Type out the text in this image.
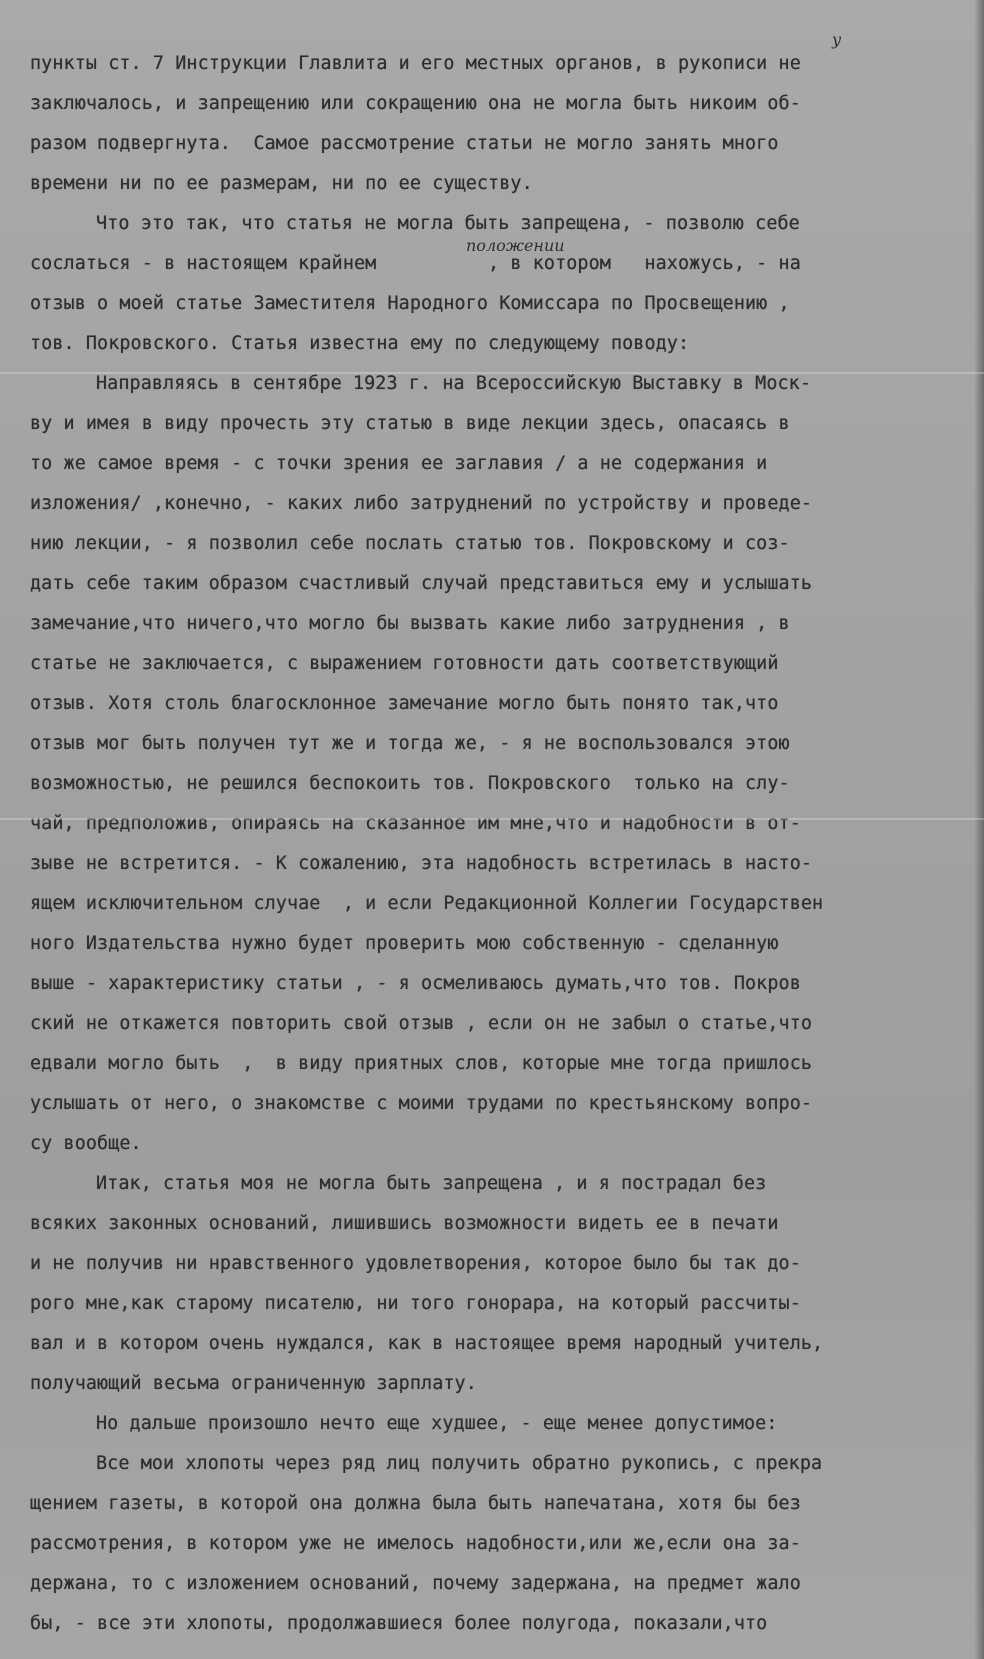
у
положении
пункты ст. 7 Инструкции Главлита и его местных органов, в рукописи не
заключалось, и запрещению или сокращению она не могла быть никоим об-
разом подвергнута.  Самое рассмотрение статьи не могло занять много
времени ни по ее размерам, ни по ее существу.
Что это так, что статья не могла быть запрещена, - позволю себе
сослаться - в настоящем крайнем          , в котором   нахожусь, - на
отзыв о моей статье Заместителя Народного Комиссара по Просвещению ,
тов. Покровского. Статья известна ему по следующему поводу:
Направляясь в сентябре 1923 г. на Всероссийскую Выставку в Моск-
ву и имея в виду прочесть эту статью в виде лекции здесь, опасаясь в
то же самое время - с точки зрения ее заглавия / а не содержания и
изложения/ ,конечно, - каких либо затруднений по устройству и проведе-
нию лекции, - я позволил себе послать статью тов. Покровскому и соз-
дать себе таким образом счастливый случай представиться ему и услышать
замечание,что ничего,что могло бы вызвать какие либо затруднения , в
статье не заключается, с выражением готовности дать соответствующий
отзыв. Хотя столь благосклонное замечание могло быть понято так,что
отзыв мог быть получен тут же и тогда же, - я не воспользовался этою
возможностью, не решился беспокоить тов. Покровского  только на слу-
чай, предположив, опираясь на сказанное им мне,что и надобности в от-
зыве не встретится. - К сожалению, эта надобность встретилась в насто-
ящем исключительном случае  , и если Редакционной Коллегии Государствен
ного Издательства нужно будет проверить мою собственную - сделанную
выше - характеристику статьи , - я осмеливаюсь думать,что тов. Покров
ский не откажется повторить свой отзыв , если он не забыл о статье,что
едвали могло быть  ,  в виду приятных слов, которые мне тогда пришлось
услышать от него, о знакомстве с моими трудами по крестьянскому вопро-
су вообще.
Итак, статья моя не могла быть запрещена , и я пострадал без
всяких законных оснований, лишившись возможности видеть ее в печати
и не получив ни нравственного удовлетворения, которое было бы так до-
рого мне,как старому писателю, ни того гонорара, на который рассчиты-
вал и в котором очень нуждался, как в настоящее время народный учитель,
получающий весьма ограниченную зарплату.
Но дальше произошло нечто еще худшее, - еще менее допустимое:
Все мои хлопоты через ряд лиц получить обратно рукопись, с прекра
щением газеты, в которой она должна была быть напечатана, хотя бы без
рассмотрения, в котором уже не имелось надобности,или же,если она за-
держана, то с изложением оснований, почему задержана, на предмет жало
бы, - все эти хлопоты, продолжавшиеся более полугода, показали,что
